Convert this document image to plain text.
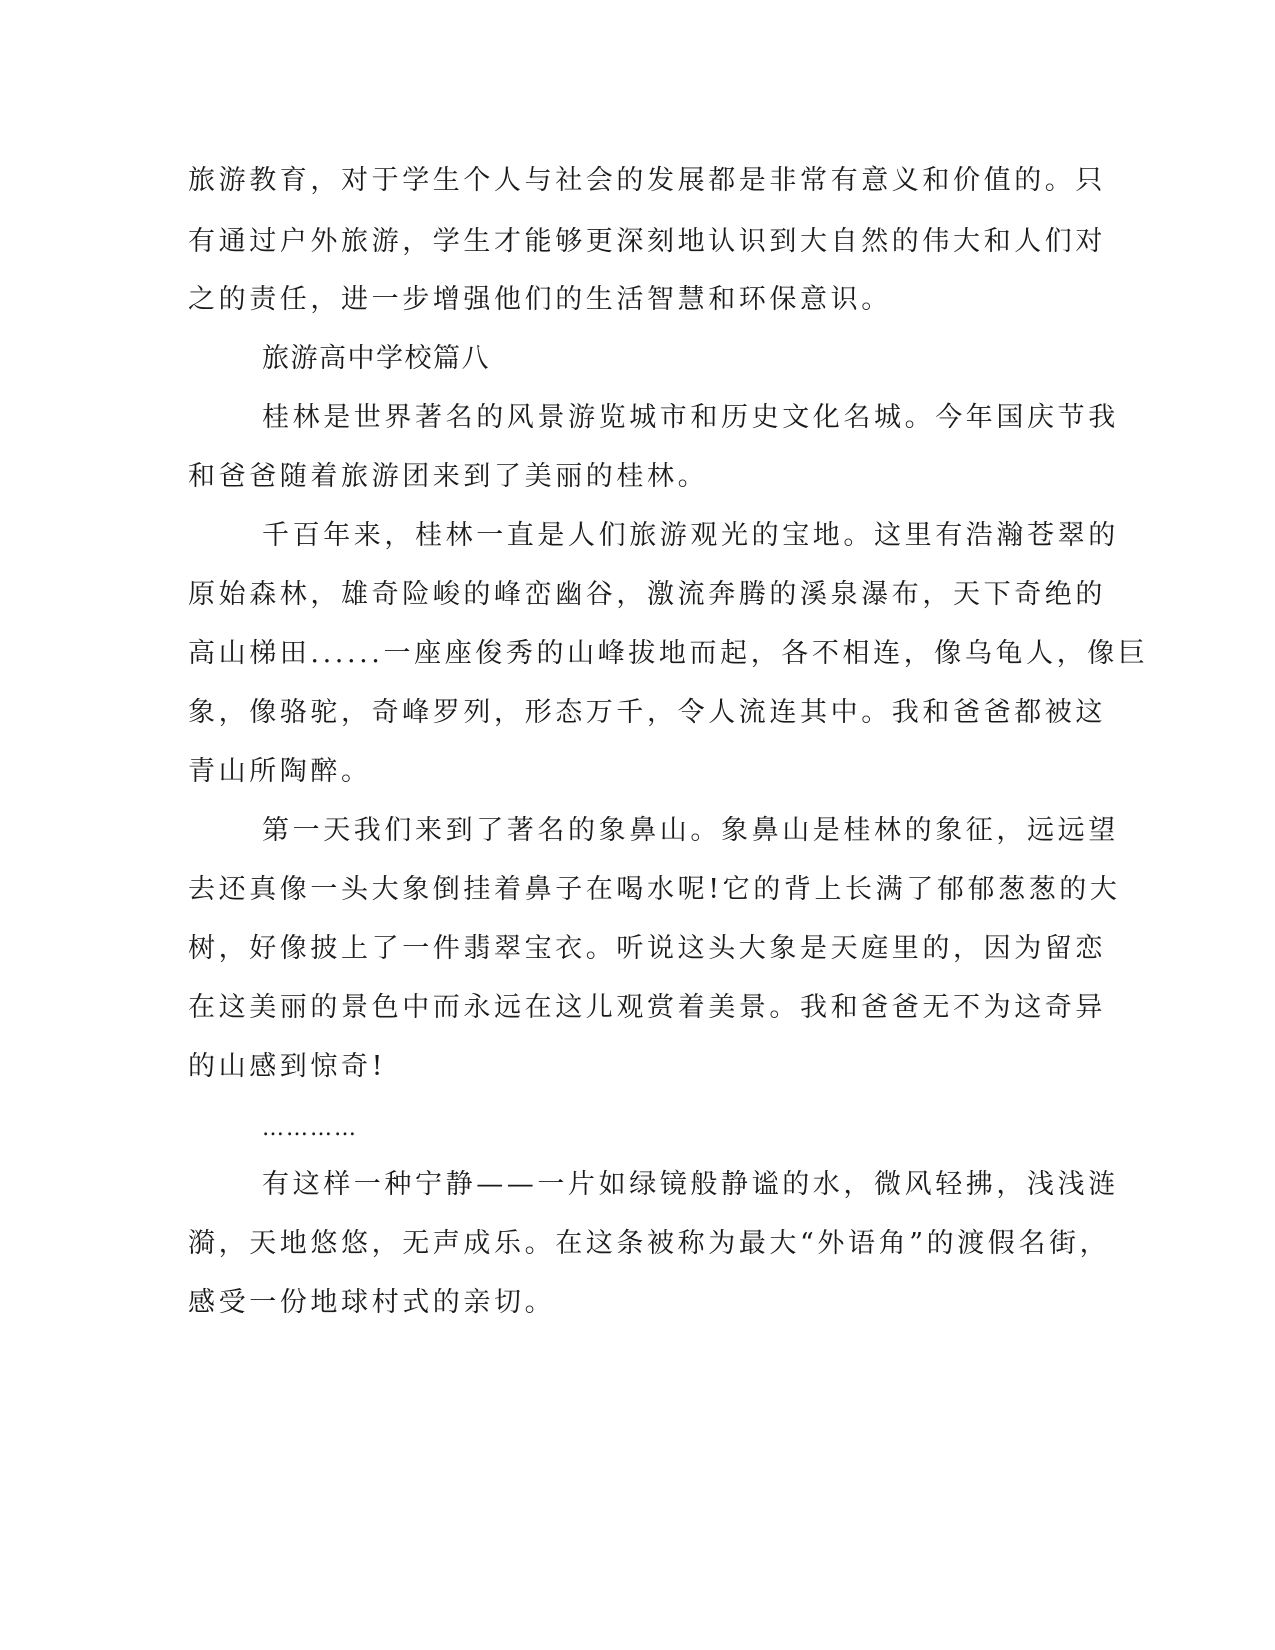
旅游教育，对于学生个人与社会的发展都是非常有意义和价值的。只

有通过户外旅游，学生才能够更深刻地认识到大自然的伟大和人们对

之的责任，进一步增强他们的生活智慧和环保意识。

旅游高中学校篇八

桂林是世界著名的风景游览城市和历史文化名城。今年国庆节我

和爸爸随着旅游团来到了美丽的桂林。

千百年来，桂林一直是人们旅游观光的宝地。这里有浩瀚苍翠的

原始森林，雄奇险峻的峰峦幽谷，激流奔腾的溪泉瀑布，天下奇绝的

高山梯田......一座座俊秀的山峰拔地而起，各不相连，像乌龟人，像巨

象，像骆驼，奇峰罗列，形态万千，令人流连其中。我和爸爸都被这

青山所陶醉。

第一天我们来到了著名的象鼻山。象鼻山是桂林的象征，远远望

去还真像一头大象倒挂着鼻子在喝水呢!它的背上长满了郁郁葱葱的大

树，好像披上了一件翡翠宝衣。听说这头大象是天庭里的，因为留恋

在这美丽的景色中而永远在这儿观赏着美景。我和爸爸无不为这奇异

的山感到惊奇!

…………

有这样一种宁静——一片如绿镜般静谧的水，微风轻拂，浅浅涟

漪，天地悠悠，无声成乐。在这条被称为最大“外语角”的渡假名街，

感受一份地球村式的亲切。
